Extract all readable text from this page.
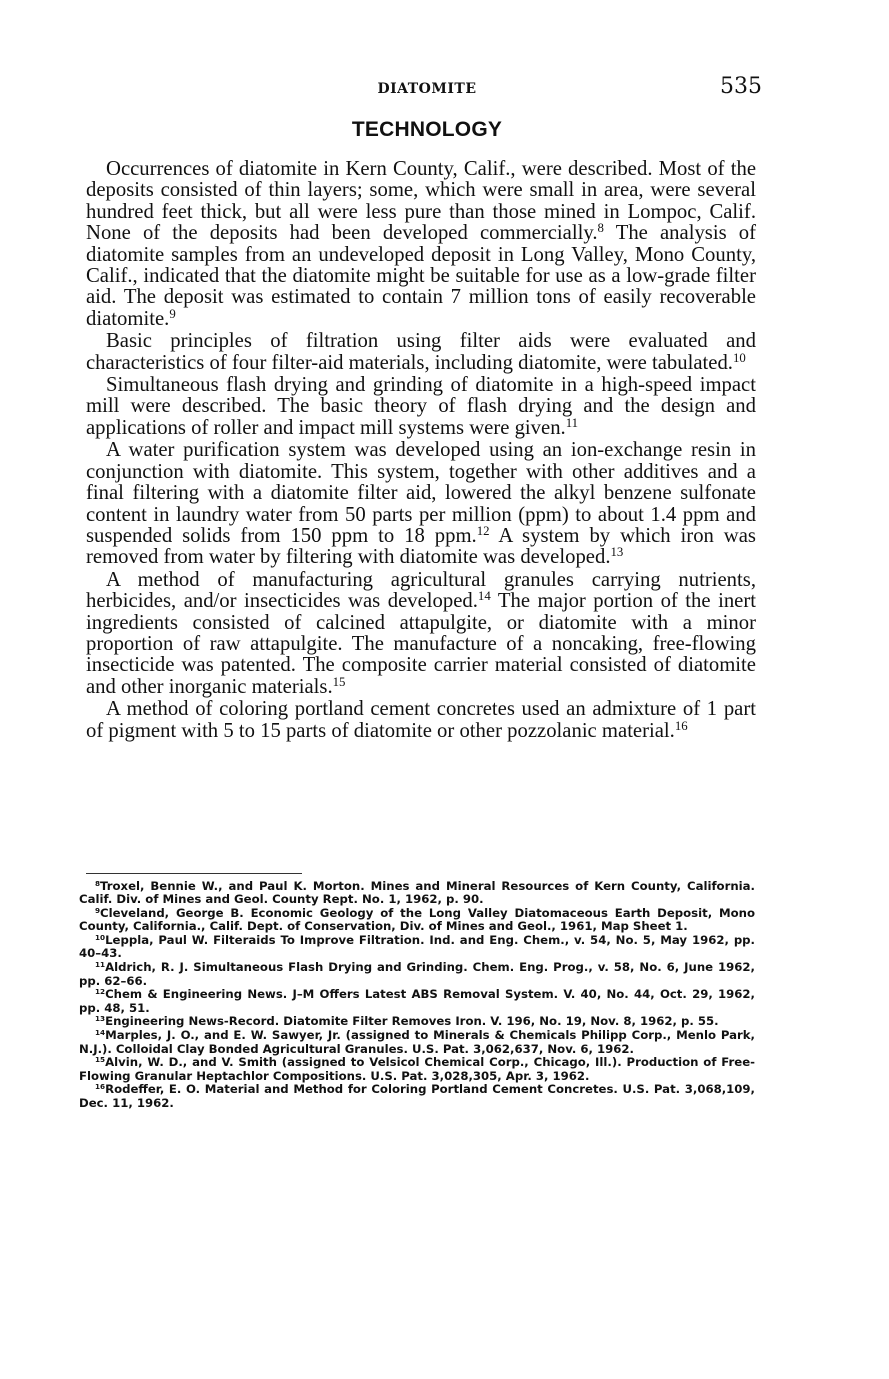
DIATOMITE	535
TECHNOLOGY

Occurrences of diatomite in Kern County, Calif., were described. Most of the deposits consisted of thin layers; some, which were small in area, were several hundred feet thick, but all were less pure than those mined in Lompoc, Calif. None of the deposits had been developed commercially.$^8$ The analysis of diatomite samples from an undeveloped deposit in Long Valley, Mono County, Calif., indicated that the diatomite might be suitable for use as a low-grade filter aid. The deposit was estimated to contain 7 million tons of easily recoverable diatomite.$^9$

Basic principles of filtration using filter aids were evaluated and characteristics of four filter-aid materials, including diatomite, were tabulated.$^{10}$

Simultaneous flash drying and grinding of diatomite in a high-speed impact mill were described. The basic theory of flash drying and the design and applications of roller and impact mill systems were given.$^{11}$

A water purification system was developed using an ion-exchange resin in conjunction with diatomite. This system, together with other additives and a final filtering with a diatomite filter aid, lowered the alkyl benzene sulfonate content in laundry water from 50 parts per million (ppm) to about 1.4 ppm and suspended solids from 150 ppm to 18 ppm.$^{12}$ A system by which iron was removed from water by filtering with diatomite was developed.$^{13}$

A method of manufacturing agricultural granules carrying nutrients, herbicides, and/or insecticides was developed.$^{14}$ The major portion of the inert ingredients consisted of calcined attapulgite, or diatomite with a minor proportion of raw attapulgite. The manufacture of a noncaking, free-flowing insecticide was patented. The composite carrier material consisted of diatomite and other inorganic materials.$^{15}$

A method of coloring portland cement concretes used an admixture of 1 part of pigment with 5 to 15 parts of diatomite or other pozzolanic material.$^{16}$

$^8$Troxel, Bennie W., and Paul K. Morton. Mines and Mineral Resources of Kern County, California. Calif. Div. of Mines and Geol. County Rept. No. 1, 1962, p. 90.

$^9$Cleveland, George B. Economic Geology of the Long Valley Diatomaceous Earth Deposit, Mono County, California., Calif. Dept. of Conservation, Div. of Mines and Geol., 1961, Map Sheet 1.

$^{10}$Leppla, Paul W. Filteraids To Improve Filtration. Ind. and Eng. Chem., v. 54, No. 5, May 1962, pp. 40–43.

$^{11}$Aldrich, R. J. Simultaneous Flash Drying and Grinding. Chem. Eng. Prog., v. 58, No. 6, June 1962, pp. 62–66.

$^{12}$Chem & Engineering News. J–M Offers Latest ABS Removal System. V. 40, No. 44, Oct. 29, 1962, pp. 48, 51.

$^{13}$Engineering News-Record. Diatomite Filter Removes Iron. V. 196, No. 19, Nov. 8, 1962, p. 55.

$^{14}$Marples, J. O., and E. W. Sawyer, Jr. (assigned to Minerals & Chemicals Philipp Corp., Menlo Park, N.J.). Colloidal Clay Bonded Agricultural Granules. U.S. Pat. 3,062,637, Nov. 6, 1962.

$^{15}$Alvin, W. D., and V. Smith (assigned to Velsicol Chemical Corp., Chicago, Ill.). Production of Free-Flowing Granular Heptachlor Compositions. U.S. Pat. 3,028,305, Apr. 3, 1962.

$^{16}$Rodeffer, E. O. Material and Method for Coloring Portland Cement Concretes. U.S. Pat. 3,068,109, Dec. 11, 1962.
